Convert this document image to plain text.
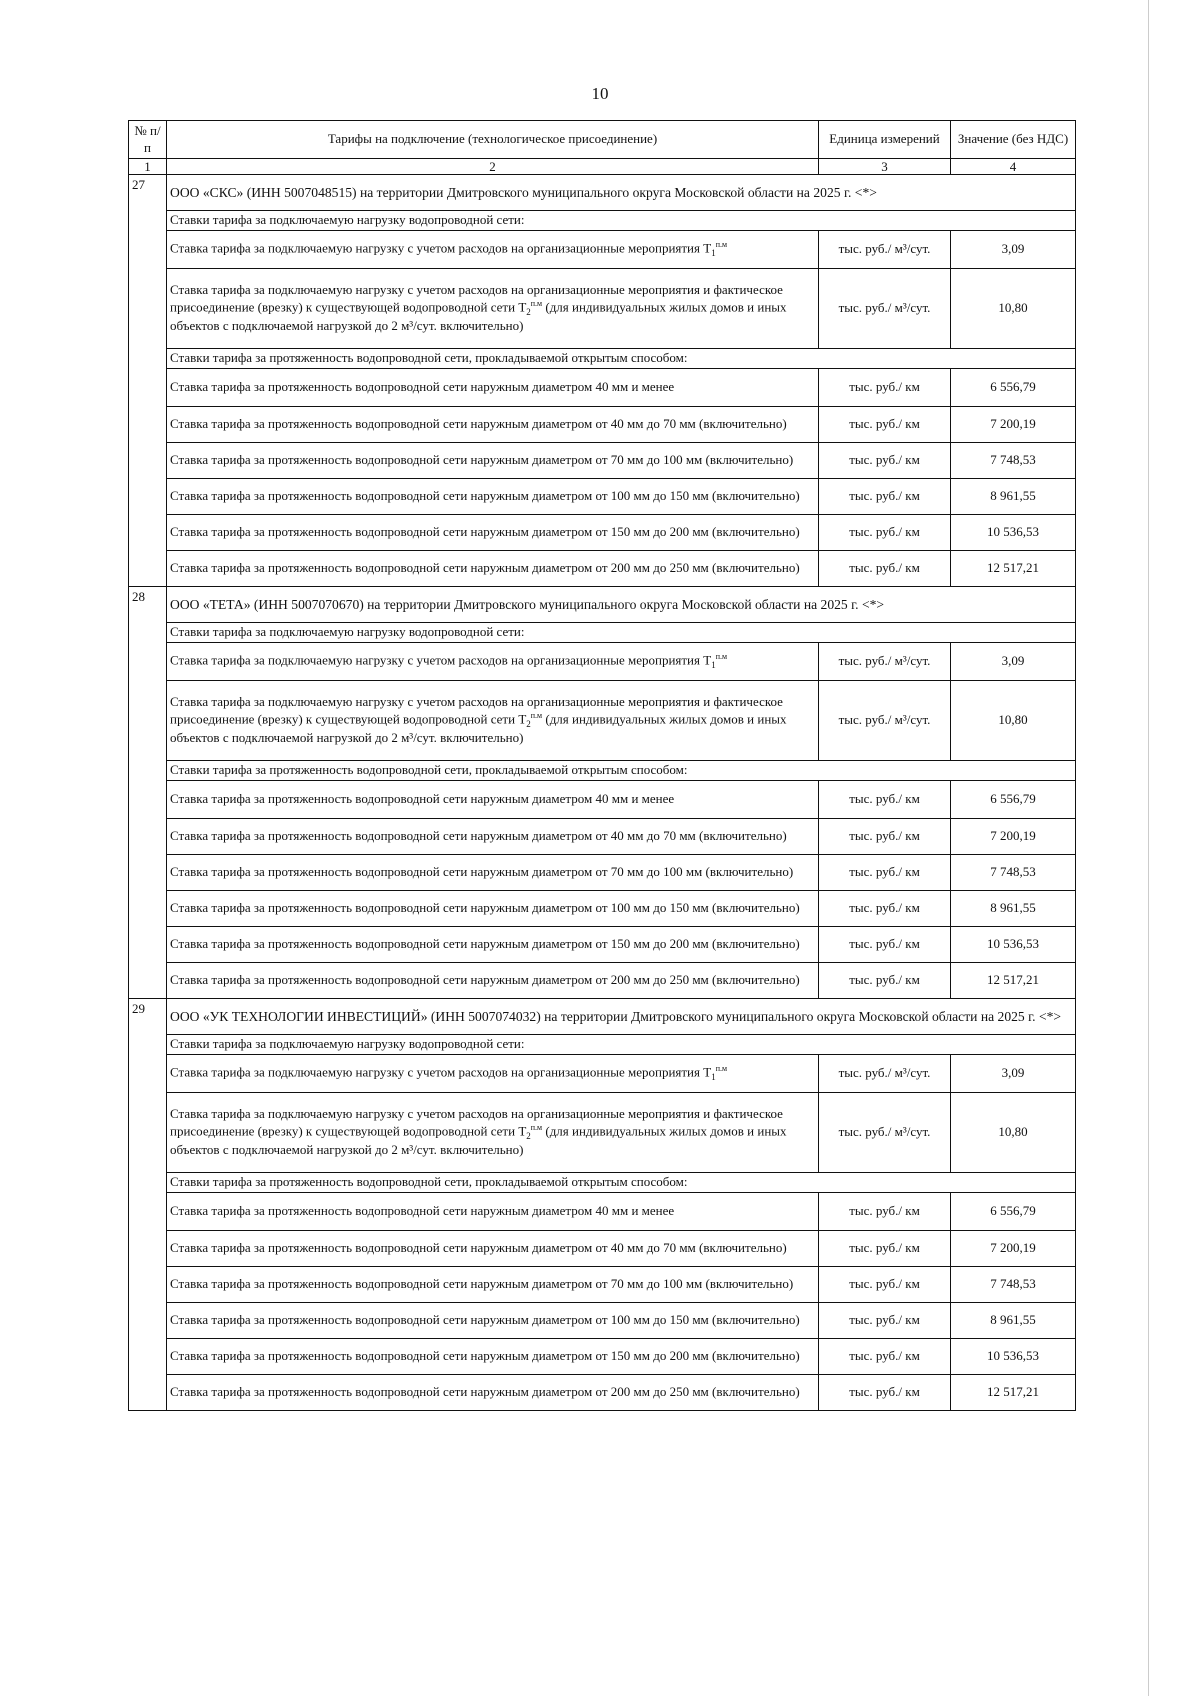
10
№ п/п	Тарифы на подключение (технологическое присоединение)	Единица измерений	Значение (без НДС)
1	2	3	4
27	ООО «СКС» (ИНН 5007048515) на территории Дмитровского муниципального округа Московской области на 2025 г. <*>		
	Ставки тарифа за подключаемую нагрузку водопроводной сети:		
	Ставка тарифа за подключаемую нагрузку с учетом расходов на организационные мероприятия $T_1^{п.м}$	тыс. руб./ м³/сут.	3,09
	Ставка тарифа за подключаемую нагрузку с учетом расходов на организационные мероприятия и фактическое присоединение (врезку) к существующей водопроводной сети $T_2^{п.м}$ (для индивидуальных жилых домов и иных объектов с подключаемой нагрузкой до 2 м³/сут. включительно)	тыс. руб./ м³/сут.	10,80
	Ставки тарифа за протяженность водопроводной сети, прокладываемой открытым способом:		
	Ставка тарифа за протяженность водопроводной сети наружным диаметром 40 мм и менее	тыс. руб./ км	6 556,79
	Ставка тарифа за протяженность водопроводной сети наружным диаметром от 40 мм до 70 мм (включительно)	тыс. руб./ км	7 200,19
	Ставка тарифа за протяженность водопроводной сети наружным диаметром от 70 мм до 100 мм (включительно)	тыс. руб./ км	7 748,53
	Ставка тарифа за протяженность водопроводной сети наружным диаметром от 100 мм до 150 мм (включительно)	тыс. руб./ км	8 961,55
	Ставка тарифа за протяженность водопроводной сети наружным диаметром от 150 мм до 200 мм (включительно)	тыс. руб./ км	10 536,53
	Ставка тарифа за протяженность водопроводной сети наружным диаметром от 200 мм до 250 мм (включительно)	тыс. руб./ км	12 517,21
28	ООО «ТЕТА» (ИНН 5007070670) на территории Дмитровского муниципального округа Московской области на 2025 г. <*>		
	Ставки тарифа за подключаемую нагрузку водопроводной сети:		
	Ставка тарифа за подключаемую нагрузку с учетом расходов на организационные мероприятия $T_1^{п.м}$	тыс. руб./ м³/сут.	3,09
	Ставка тарифа за подключаемую нагрузку с учетом расходов на организационные мероприятия и фактическое присоединение (врезку) к существующей водопроводной сети $T_2^{п.м}$ (для индивидуальных жилых домов и иных объектов с подключаемой нагрузкой до 2 м³/сут. включительно)	тыс. руб./ м³/сут.	10,80
	Ставки тарифа за протяженность водопроводной сети, прокладываемой открытым способом:		
	Ставка тарифа за протяженность водопроводной сети наружным диаметром 40 мм и менее	тыс. руб./ км	6 556,79
	Ставка тарифа за протяженность водопроводной сети наружным диаметром от 40 мм до 70 мм (включительно)	тыс. руб./ км	7 200,19
	Ставка тарифа за протяженность водопроводной сети наружным диаметром от 70 мм до 100 мм (включительно)	тыс. руб./ км	7 748,53
	Ставка тарифа за протяженность водопроводной сети наружным диаметром от 100 мм до 150 мм (включительно)	тыс. руб./ км	8 961,55
	Ставка тарифа за протяженность водопроводной сети наружным диаметром от 150 мм до 200 мм (включительно)	тыс. руб./ км	10 536,53
	Ставка тарифа за протяженность водопроводной сети наружным диаметром от 200 мм до 250 мм (включительно)	тыс. руб./ км	12 517,21
29	ООО «УК ТЕХНОЛОГИИ ИНВЕСТИЦИЙ» (ИНН 5007074032) на территории Дмитровского муниципального округа Московской области на 2025 г. <*>		
	Ставки тарифа за подключаемую нагрузку водопроводной сети:		
	Ставка тарифа за подключаемую нагрузку с учетом расходов на организационные мероприятия $T_1^{п.м}$	тыс. руб./ м³/сут.	3,09
	Ставка тарифа за подключаемую нагрузку с учетом расходов на организационные мероприятия и фактическое присоединение (врезку) к существующей водопроводной сети $T_2^{п.м}$ (для индивидуальных жилых домов и иных объектов с подключаемой нагрузкой до 2 м³/сут. включительно)	тыс. руб./ м³/сут.	10,80
	Ставки тарифа за протяженность водопроводной сети, прокладываемой открытым способом:		
	Ставка тарифа за протяженность водопроводной сети наружным диаметром 40 мм и менее	тыс. руб./ км	6 556,79
	Ставка тарифа за протяженность водопроводной сети наружным диаметром от 40 мм до 70 мм (включительно)	тыс. руб./ км	7 200,19
	Ставка тарифа за протяженность водопроводной сети наружным диаметром от 70 мм до 100 мм (включительно)	тыс. руб./ км	7 748,53
	Ставка тарифа за протяженность водопроводной сети наружным диаметром от 100 мм до 150 мм (включительно)	тыс. руб./ км	8 961,55
	Ставка тарифа за протяженность водопроводной сети наружным диаметром от 150 мм до 200 мм (включительно)	тыс. руб./ км	10 536,53
	Ставка тарифа за протяженность водопроводной сети наружным диаметром от 200 мм до 250 мм (включительно)	тыс. руб./ км	12 517,21
